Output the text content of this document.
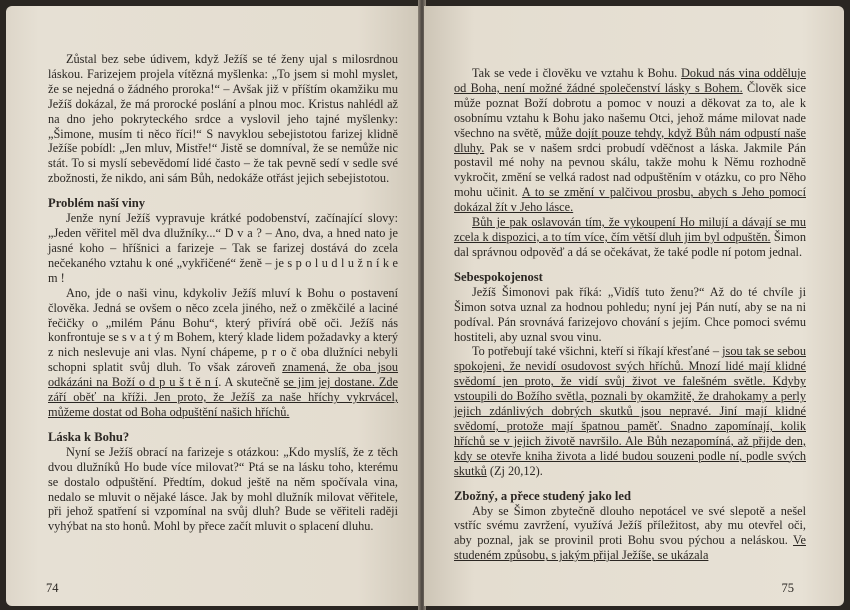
Zůstal bez sebe údivem, když Ježíš se té ženy ujal s milosrdnou láskou. Farizejem projela vítězná myšlenka: „To jsem si mohl myslet, že se nejedná o žádného proroka!“ – Avšak již v příštím okamžiku mu Ježíš dokázal, že má prorocké poslání a plnou moc. Kristus nahlédl až na dno jeho pokryteckého srdce a vyslovil jeho tajné myšlenky: „Šimone, musím ti něco říci!“ S navyklou sebejistotou farizej klidně Ježíše pobídl: „Jen mluv, Mistře!“ Jistě se domníval, že se nemůže nic stát. To si myslí sebevědomí lidé často – že tak pevně sedí v sedle své zbožnosti, že nikdo, ani sám Bůh, nedokáže otřást jejich sebejistotou.

Problém naší viny

Jenže nyní Ježíš vypravuje krátké podobenství, začínající slovy: „Jeden věřitel měl dva dlužníky...“ D v a ? – Ano, dva, a hned nato je jasné koho – hříšnici a farizeje – Tak se farizej dostává do zcela nečekaného vztahu k oné „vykřičené“ ženě – je s p o l u d l u ž n í k e m !

Ano, jde o naši vinu, kdykoliv Ježíš mluví k Bohu o postavení člověka. Jedná se ovšem o něco zcela jiného, než o změkčilé a laciné řečičky o „milém Pánu Bohu“, který přivírá obě oči. Ježíš nás konfrontuje se s v a t ý m Bohem, který klade lidem požadavky a který z nich neslevuje ani vlas. Nyní chápeme, p r o č oba dlužníci nebyli schopni splatit svůj dluh. To však zároveň znamená, že oba jsou odkázáni na Boží o d p u š t ě n í. A skutečně se jim jej dostane. Zde září oběť na kříži. Jen proto, že Ježíš za naše hříchy vykrvácel, můžeme dostat od Boha odpuštění našich hříchů.

Láska k Bohu?

Nyní se Ježíš obrací na farizeje s otázkou: „Kdo myslíš, že z těch dvou dlužníků Ho bude více milovat?“ Ptá se na lásku toho, kterému se dostalo odpuštění. Předtím, dokud ještě na něm spočívala vina, nedalo se mluvit o nějaké lásce. Jak by mohl dlužník milovat věřitele, při jehož spatření si vzpomínal na svůj dluh? Bude se věřiteli raději vyhýbat na sto honů. Mohl by přece začít mluvit o splacení dluhu.

74

Tak se vede i člověku ve vztahu k Bohu. Dokud nás vina odděluje od Boha, není možné žádné společenství lásky s Bohem. Člověk sice může poznat Boží dobrotu a pomoc v nouzi a děkovat za to, ale k osobnímu vztahu k Bohu jako našemu Otci, jehož máme milovat nade všechno na světě, může dojít pouze tehdy, když Bůh nám odpustí naše dluhy. Pak se v našem srdci probudí vděčnost a láska. Jakmile Pán postavil mé nohy na pevnou skálu, takže mohu k Němu rozhodně vykročit, změní se velká radost nad odpuštěním v otázku, co pro Něho mohu učinit. A to se změní v palčivou prosbu, abych s Jeho pomocí dokázal žít v Jeho lásce.

Bůh je pak oslavován tím, že vykoupení Ho milují a dávají se mu zcela k dispozici, a to tím více, čím větší dluh jim byl odpuštěn. Šimon dal správnou odpověď a dá se očekávat, že také podle ní potom jednal.

Sebespokojenost

Ježíš Šimonovi pak říká: „Vidíš tuto ženu?“ Až do té chvíle ji Šimon sotva uznal za hodnou pohledu; nyní jej Pán nutí, aby se na ni podíval. Pán srovnává farizejovo chování s jejím. Chce pomoci svému hostiteli, aby uznal svou vinu.

To potřebují také všichni, kteří si říkají křesťané – jsou tak se sebou spokojeni, že nevidí osudovost svých hříchů. Mnozí lidé mají klidné svědomí jen proto, že vidí svůj život ve falešném světle. Kdyby vstoupili do Božího světla, poznali by okamžitě, že drahokamy a perly jejich zdánlivých dobrých skutků jsou nepravé. Jiní mají klidné svědomí, protože mají špatnou paměť. Snadno zapomínají, kolik hříchů se v jejich životě navršilo. Ale Bůh nezapomíná, až přijde den, kdy se otevře kniha života a lidé budou souzeni podle ní, podle svých skutků (Zj 20,12).

Zbožný, a přece studený jako led

Aby se Šimon zbytečně dlouho nepotácel ve své slepotě a nešel vstříc svému zavržení, využívá Ježíš příležitost, aby mu otevřel oči, aby poznal, jak se provinil proti Bohu svou pýchou a neláskou. Ve studeném způsobu, s jakým přijal Ježíše, se ukázala

75
